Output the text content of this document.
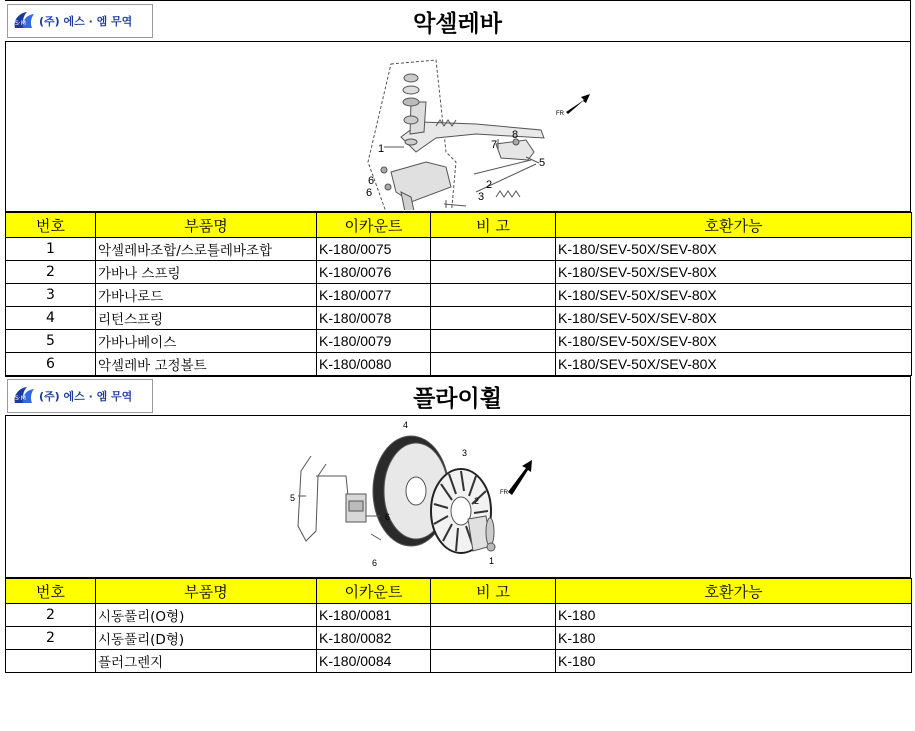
S·M (주) 에스 · 엠 무역	악셀레바
1
2
3
5
6
6
7
8
FR
번호	부품명	이카운트	비 고	호환가능
1	악셀레바조합/스로틀레바조합	K-180/0075		K-180/SEV-50X/SEV-80X
2	가바나 스프링	K-180/0076		K-180/SEV-50X/SEV-80X
3	가바나로드	K-180/0077		K-180/SEV-50X/SEV-80X
4	리턴스프링	K-180/0078		K-180/SEV-50X/SEV-80X
5	가바나베이스	K-180/0079		K-180/SEV-50X/SEV-80X
6	악셀레바 고정볼트	K-180/0080		K-180/SEV-50X/SEV-80X
S·M (주) 에스 · 엠 무역	플라이휠
1
2
3
4
5
6
6
FR
번호	부품명	이카운트	비 고	호환가능
2	시동풀리(O형)	K-180/0081		K-180
2	시동풀리(D형)	K-180/0082		K-180
	플러그렌지	K-180/0084		K-180
